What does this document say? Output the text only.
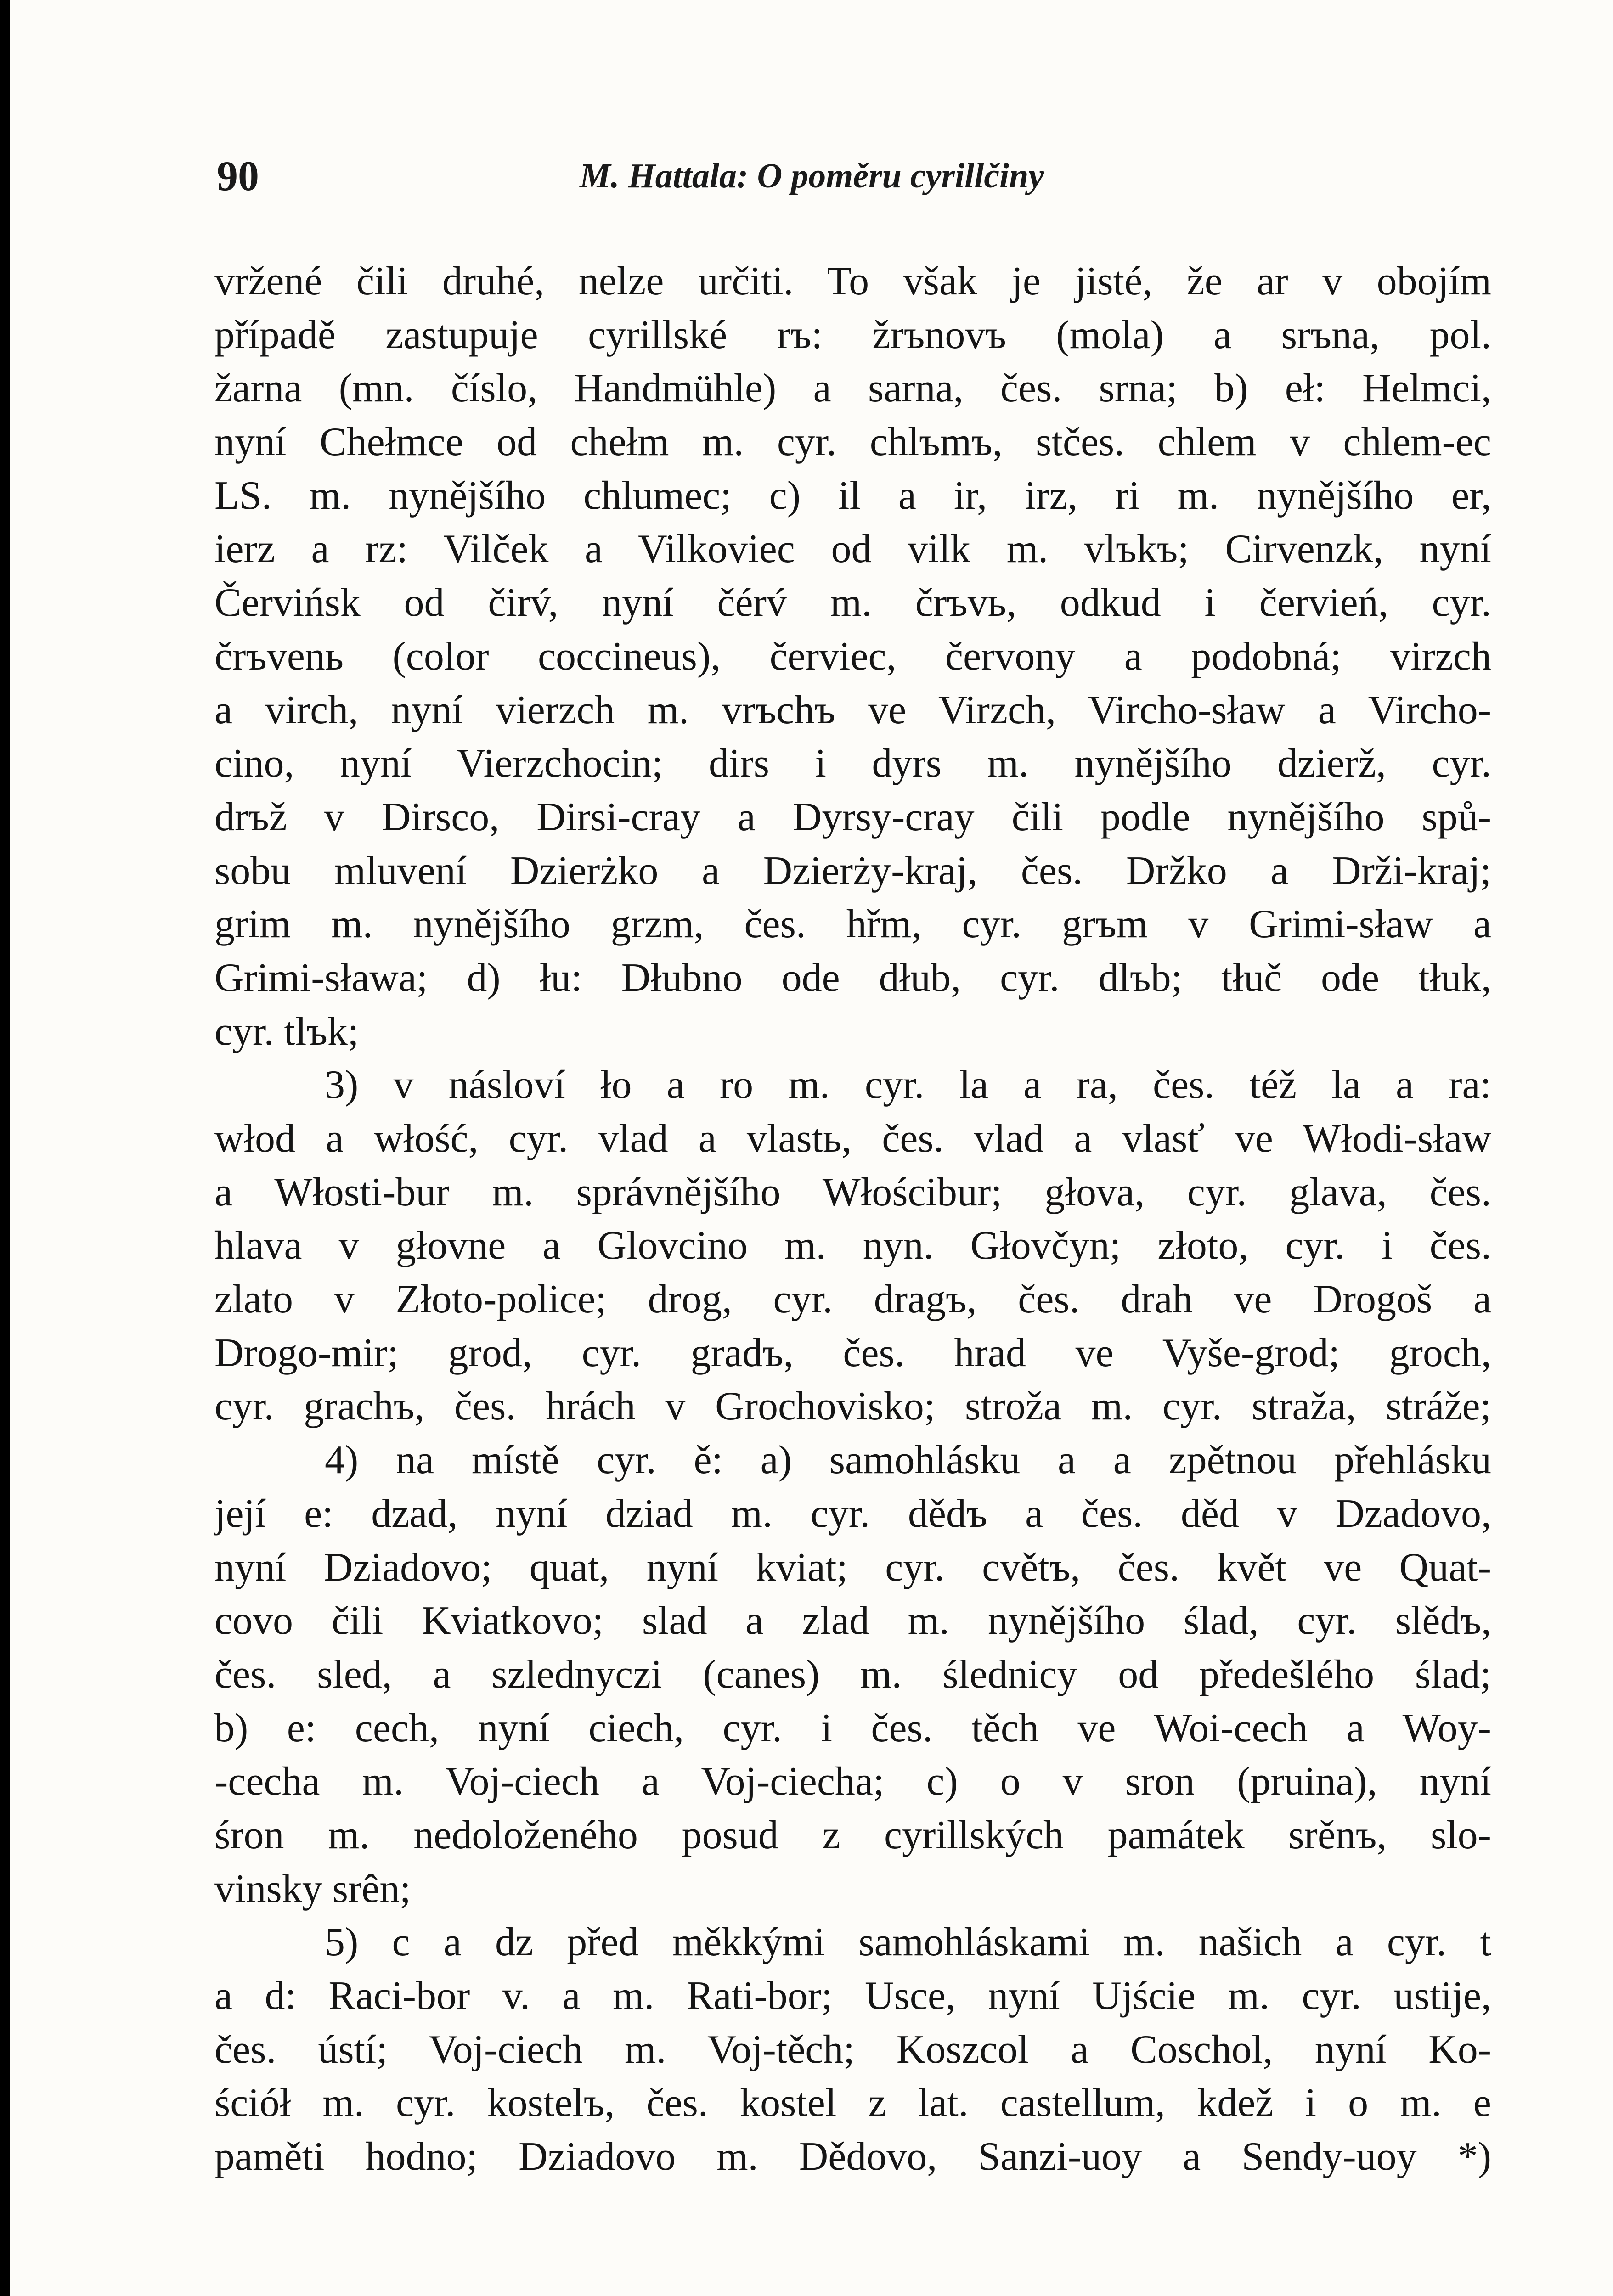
90	M. Hattala: O poměru cyrillčiny
vržené čili druhé, nelze určiti. To však je jisté, že ar v obojím
případě zastupuje cyrillské rъ: žrъnovъ (mola) a srъna, pol.
žarna (mn. číslo, Handmühle) a sarna, čes. srna; b) eł: Helmci,
nyní Chełmce od chełm m. cyr. chlъmъ, stčes. chlem v chlem-ec
LS. m. nynějšího chlumec; c) il a ir, irz, ri m. nynějšího er,
ierz a rz: Vilček a Vilkoviec od vilk m. vlъkъ; Cirvenzk, nyní
Červińsk od čirv́, nyní čérv́ m. črъvь, odkud i červień, cyr.
črъvenь (color coccineus), červiec, červony a podobná; virzch
a virch, nyní vierzch m. vrъchъ ve Virzch, Vircho-sław a Vircho-
cino, nyní Vierzchocin; dirs i dyrs m. nynějšího dzierž, cyr.
drъž v Dirsco, Dirsi-cray a Dyrsy-cray čili podle nynějšího spů-
sobu mluvení Dzierżko a Dzierży-kraj, čes. Držko a Drži-kraj;
grim m. nynějšího grzm, čes. hřm, cyr. grъm v Grimi-sław a
Grimi-sława; d) łu: Dłubno ode dłub, cyr. dlъb; tłuč ode tłuk,
cyr. tlъk;
3) v násloví ło a ro m. cyr. la a ra, čes. též la a ra:
włod a włość, cyr. vlad a vlastь, čes. vlad a vlasť ve Włodi-sław
a Włosti-bur m. správnějšího Włościbur; głova, cyr. glava, čes.
hlava v głovne a Glovcino m. nyn. Głovčyn; złoto, cyr. i čes.
zlato v Złoto-police; drog, cyr. dragъ, čes. drah ve Drogoš a
Drogo-mir; grod, cyr. gradъ, čes. hrad ve Vyše-grod; groch,
cyr. grachъ, čes. hrách v Grochovisko; stroža m. cyr. straža, stráže;
4) na místě cyr. ě: a) samohlásku a a zpětnou přehlásku
její e: dzad, nyní dziad m. cyr. dědъ a čes. děd v Dzadovo,
nyní Dziadovo; quat, nyní kviat; cyr. cvětъ, čes. květ ve Quat-
covo čili Kviatkovo; slad a zlad m. nynějšího ślad, cyr. slědъ,
čes. sled, a szlednyczi (canes) m. ślednicy od předešlého ślad;
b) e: cech, nyní ciech, cyr. i čes. těch ve Woi-cech a Woy-
-cecha m. Voj-ciech a Voj-ciecha; c) o v sron (pruina), nyní
śron m. nedoloženého posud z cyrillských památek srěnъ, slo-
vinsky srên;
5) c a dz před měkkými samohláskami m. našich a cyr. t
a d: Raci-bor v. a m. Rati-bor; Usce, nyní Ujście m. cyr. ustije,
čes. ústí; Voj-ciech m. Voj-těch; Koszcol a Coschol, nyní Ko-
ściół m. cyr. kostelъ, čes. kostel z lat. castellum, kdež i o m. e
paměti hodno; Dziadovo m. Dědovo, Sanzi-uoy a Sendy-uoy *)
